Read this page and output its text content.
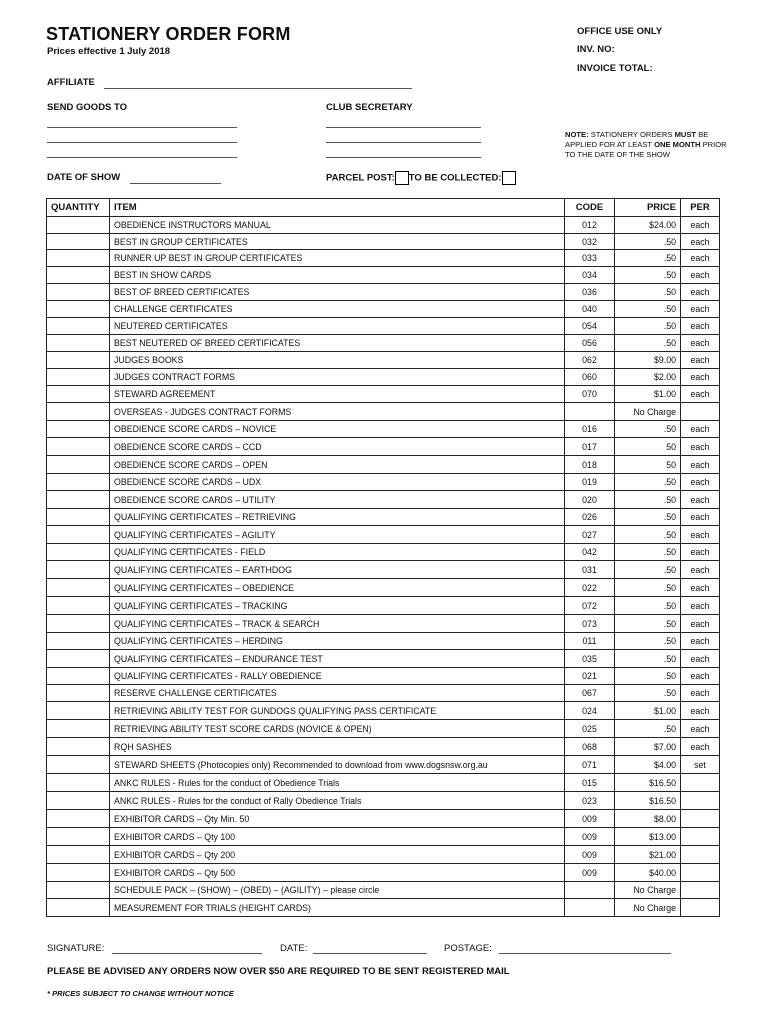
STATIONERY ORDER FORM
Prices effective 1 July 2018
OFFICE USE ONLY
INV. NO:
INVOICE TOTAL:
AFFILIATE
SEND GOODS TO	CLUB SECRETARY
NOTE: STATIONERY ORDERS MUST BE APPLIED FOR AT LEAST ONE MONTH PRIOR TO THE DATE OF THE SHOW
DATE OF SHOW	PARCEL POST: TO BE COLLECTED:
QUANTITY	ITEM	CODE	PRICE	PER
	OBEDIENCE INSTRUCTORS MANUAL	012	$24.00	each
	BEST IN GROUP CERTIFICATES	032	.50	each
	RUNNER UP BEST IN GROUP CERTIFICATES	033	.50	each
	BEST IN SHOW CARDS	034	.50	each
	BEST OF BREED CERTIFICATES	036	.50	each
	CHALLENGE CERTIFICATES	040	.50	each
	NEUTERED CERTIFICATES	054	.50	each
	BEST NEUTERED OF BREED CERTIFICATES	056	.50	each
	JUDGES BOOKS	062	$9.00	each
	JUDGES CONTRACT FORMS	060	$2.00	each
	STEWARD AGREEMENT	070	$1.00	each
	OVERSEAS - JUDGES CONTRACT FORMS		No Charge	
	OBEDIENCE SCORE CARDS – NOVICE	016	.50	each
	OBEDIENCE SCORE CARDS – CCD	017	50	each
	OBEDIENCE SCORE CARDS – OPEN	018	50	each
	OBEDIENCE SCORE CARDS – UDX	019	.50	each
	OBEDIENCE SCORE CARDS – UTILITY	020	.50	each
	QUALIFYING CERTIFICATES – RETRIEVING	026	.50	each
	QUALIFYING CERTIFICATES – AGILITY	027	.50	each
	QUALIFYING CERTIFICATES - FIELD	042	.50	each
	QUALIFYING CERTIFICATES – EARTHDOG	031	.50	each
	QUALIFYING CERTIFICATES – OBEDIENCE	022	.50	each
	QUALIFYING CERTIFICATES – TRACKING	072	.50	each
	QUALIFYING CERTIFICATES – TRACK & SEARCH	073	.50	each
	QUALIFYING CERTIFICATES – HERDING	011	.50	each
	QUALIFYING CERTIFICATES – ENDURANCE TEST	035	.50	each
	QUALIFYING CERTIFICATES - RALLY OBEDIENCE	021	.50	each
	RESERVE CHALLENGE CERTIFICATES	067	.50	each
	RETRIEVING ABILITY TEST FOR GUNDOGS QUALIFYING PASS CERTIFICATE	024	$1.00	each
	RETRIEVING ABILITY TEST SCORE CARDS (NOVICE & OPEN)	025	.50	each
	RQH SASHES	068	$7.00	each
	STEWARD SHEETS (Photocopies only) Recommended to download from www.dogsnsw.org.au	071	$4.00	set
	ANKC RULES - Rules for the conduct of Obedience Trials	015	$16.50	
	ANKC RULES - Rules for the conduct of Rally Obedience Trials	023	$16.50	
	EXHIBITOR CARDS – Qty Min. 50	009	$8.00	
	EXHIBITOR CARDS – Qty 100	009	$13.00	
	EXHIBITOR CARDS – Qty 200	009	$21.00	
	EXHIBITOR CARDS – Qty 500	009	$40.00	
	SCHEDULE PACK – (SHOW) – (OBED) – (AGILITY) – please circle		No Charge	
	MEASUREMENT FOR TRIALS (HEIGHT CARDS)		No Charge	
SIGNATURE:	DATE:	POSTAGE:
PLEASE BE ADVISED ANY ORDERS NOW OVER $50 ARE REQUIRED TO BE SENT REGISTERED MAIL
* PRICES SUBJECT TO CHANGE WITHOUT NOTICE
